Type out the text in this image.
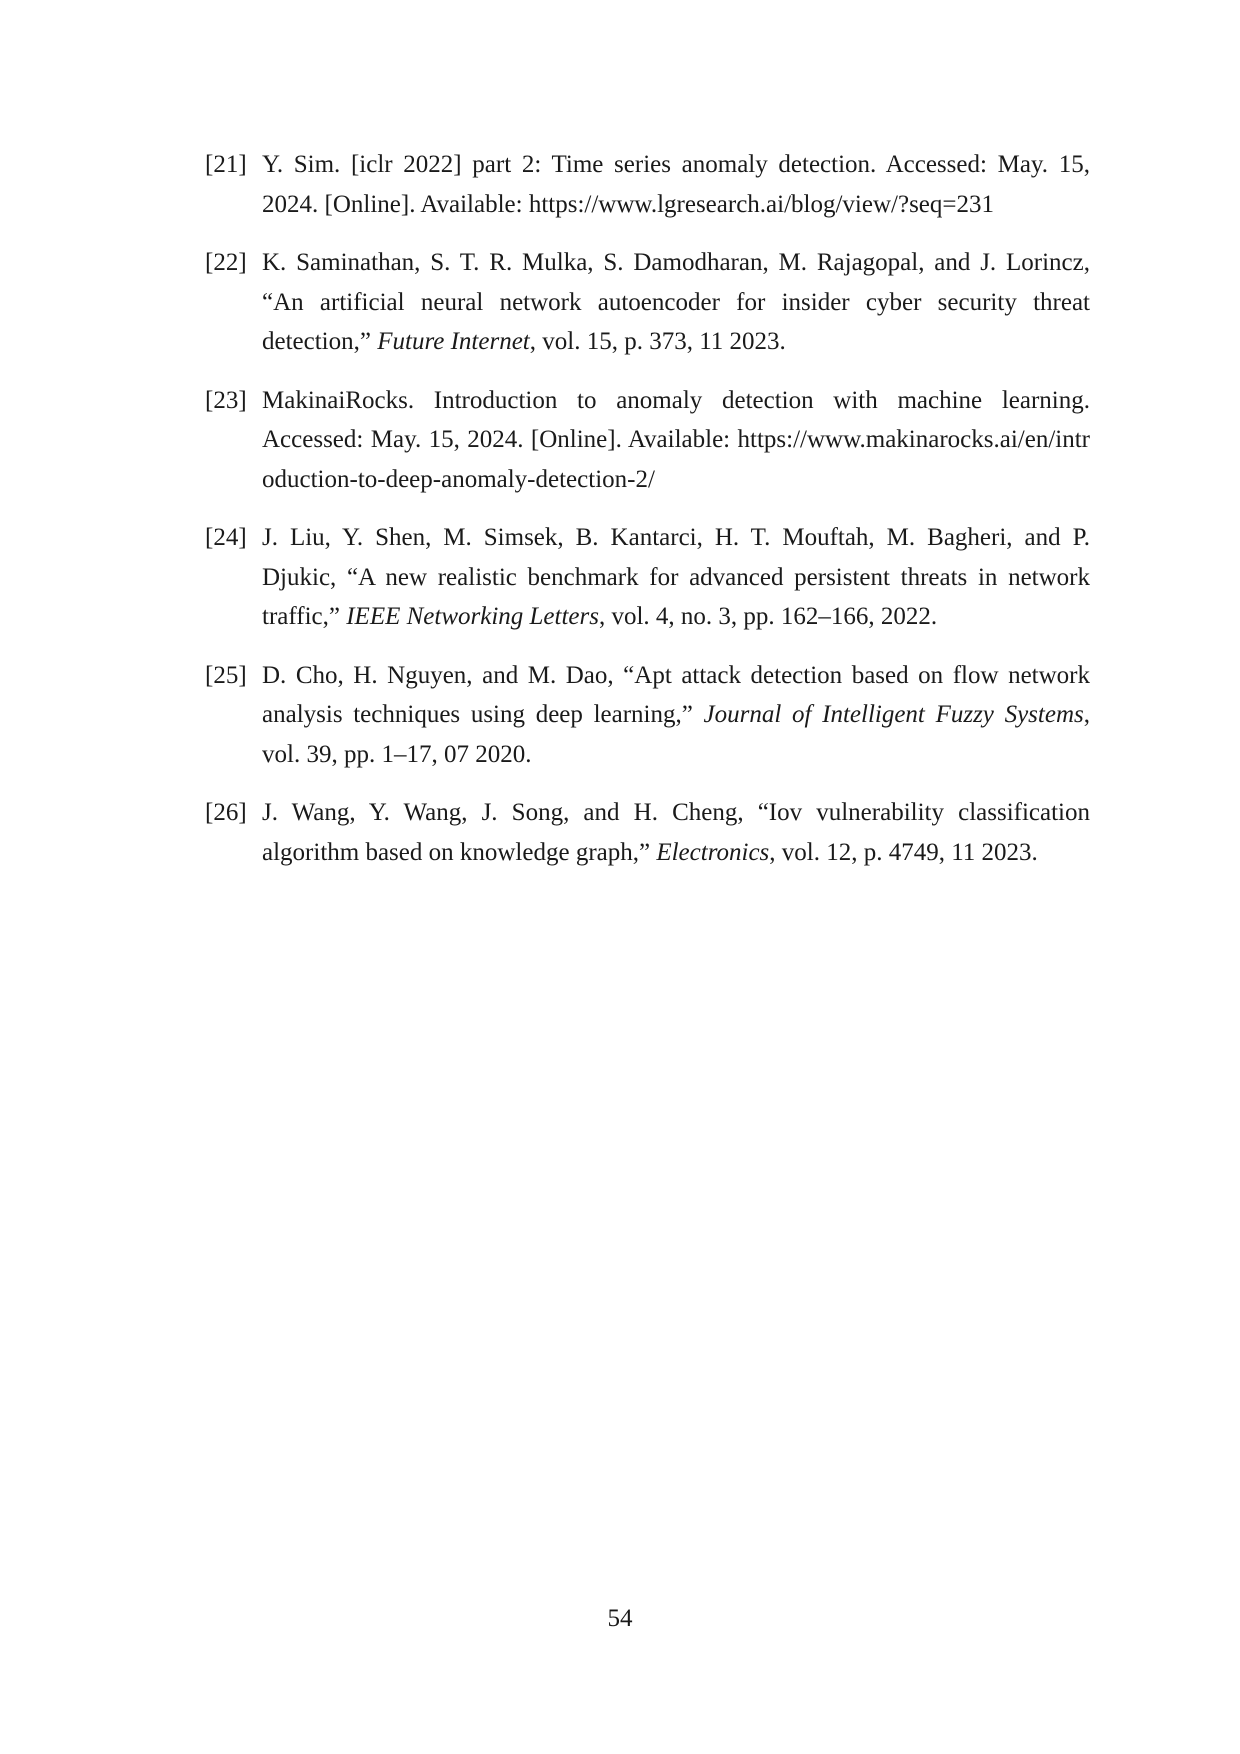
[21] Y. Sim. [iclr 2022] part 2: Time series anomaly detection. Accessed: May. 15, 2024. [Online]. Available: https://www.lgresearch.ai/blog/view/?seq=231
[22] K. Saminathan, S. T. R. Mulka, S. Damodharan, M. Rajagopal, and J. Lorincz, “An artificial neural network autoencoder for insider cyber security threat detection,” Future Internet, vol. 15, p. 373, 11 2023.
[23] MakinaiRocks. Introduction to anomaly detection with machine learning. Accessed: May. 15, 2024. [Online]. Available: https://www.makinarocks.ai/en/introduction-to-deep-anomaly-detection-2/
[24] J. Liu, Y. Shen, M. Simsek, B. Kantarci, H. T. Mouftah, M. Bagheri, and P. Djukic, “A new realistic benchmark for advanced persistent threats in network traffic,” IEEE Networking Letters, vol. 4, no. 3, pp. 162–166, 2022.
[25] D. Cho, H. Nguyen, and M. Dao, “Apt attack detection based on flow network analysis techniques using deep learning,” Journal of Intelligent Fuzzy Systems, vol. 39, pp. 1–17, 07 2020.
[26] J. Wang, Y. Wang, J. Song, and H. Cheng, “Iov vulnerability classification algorithm based on knowledge graph,” Electronics, vol. 12, p. 4749, 11 2023.
54
